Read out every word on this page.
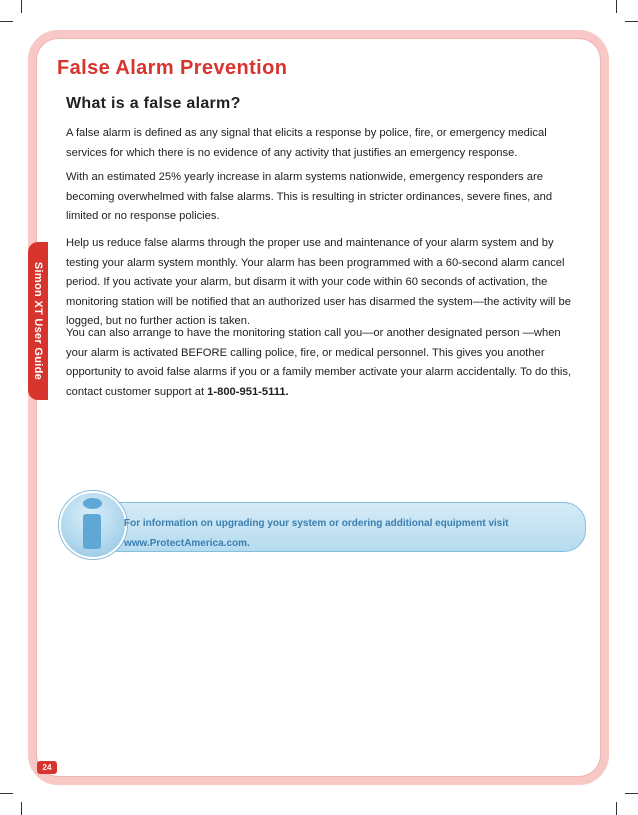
Simon XT User Guide
False Alarm Prevention
What is a false alarm?
A false alarm is defined as any signal that elicits a response by police, fire, or emergency medical services for which there is no evidence of any activity that justifies an emergency response.
With an estimated 25% yearly increase in alarm systems nationwide, emergency responders are becoming overwhelmed with false alarms. This is resulting in stricter ordinances, severe fines, and limited or no response policies.
Help us reduce false alarms through the proper use and maintenance of your alarm system and by testing your alarm system monthly. Your alarm has been programmed with a 60-second alarm cancel period. If you activate your alarm, but disarm it with your code within 60 seconds of activation, the monitoring station will be notified that an authorized user has disarmed the system—the activity will be logged, but no further action is taken.
You can also arrange to have the monitoring station call you—or another designated person —when your alarm is activated BEFORE calling police, fire, or medical personnel. This gives you another opportunity to avoid false alarms if you or a family member activate your alarm accidentally. To do this, contact customer support at 1-800-951-5111.
For information on upgrading your system or ordering additional equipment visit www.ProtectAmerica.com.
24
